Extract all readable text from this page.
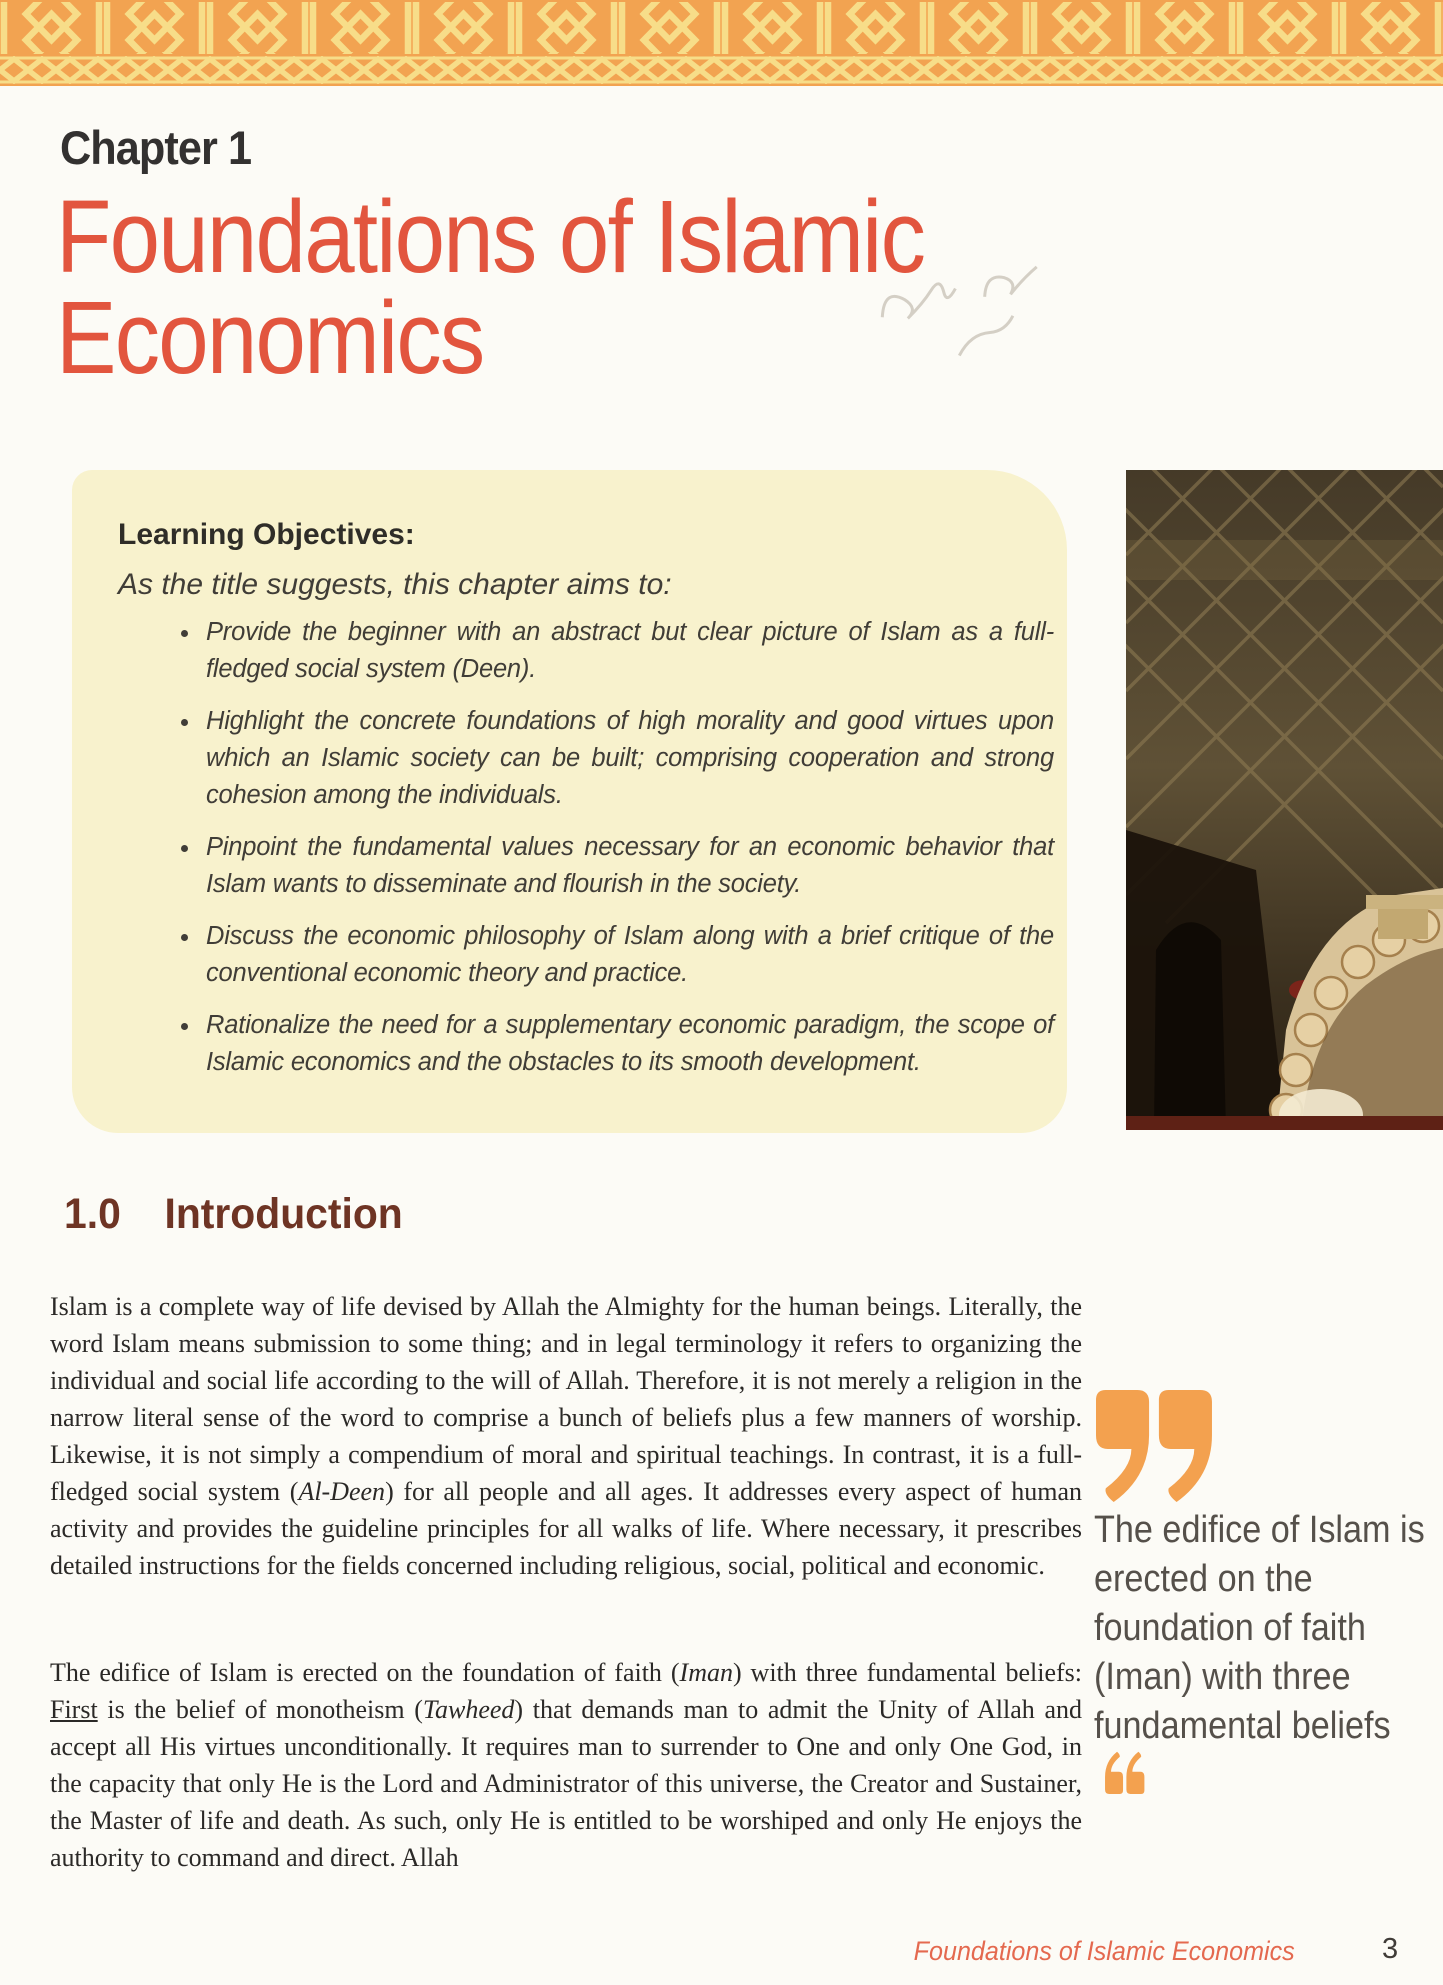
Chapter 1
Foundations of Islamic Economics
Learning Objectives:
As the title suggests, this chapter aims to:
• Provide the beginner with an abstract but clear picture of Islam as a full-fledged social system (Deen).
• Highlight the concrete foundations of high morality and good virtues upon which an Islamic society can be built; comprising cooperation and strong cohesion among the individuals.
• Pinpoint the fundamental values necessary for an economic behavior that Islam wants to disseminate and flourish in the society.
• Discuss the economic philosophy of Islam along with a brief critique of the conventional economic theory and practice.
• Rationalize the need for a supplementary economic paradigm, the scope of Islamic economics and the obstacles to its smooth development.
1.0 Introduction

Islam is a complete way of life devised by Allah the Almighty for the human beings. Literally, the word Islam means submission to some thing; and in legal terminology it refers to organizing the individual and social life according to the will of Allah. Therefore, it is not merely a religion in the narrow literal sense of the word to comprise a bunch of beliefs plus a few manners of worship. Likewise, it is not simply a compendium of moral and spiritual teachings. In contrast, it is a full-fledged social system (Al-Deen) for all people and all ages. It addresses every aspect of human activity and provides the guideline principles for all walks of life. Where necessary, it prescribes detailed instructions for the fields concerned including religious, social, political and economic.

The edifice of Islam is erected on the foundation of faith (Iman) with three fundamental beliefs: First is the belief of monotheism (Tawheed) that demands man to admit the Unity of Allah and accept all His virtues unconditionally. It requires man to surrender to One and only One God, in the capacity that only He is the Lord and Administrator of this universe, the Creator and Sustainer, the Master of life and death. As such, only He is entitled to be worshiped and only He enjoys the authority to command and direct. Allah

The edifice of Islam is erected on the foundation of faith (Iman) with three fundamental beliefs
Foundations of Islamic Economics	3
